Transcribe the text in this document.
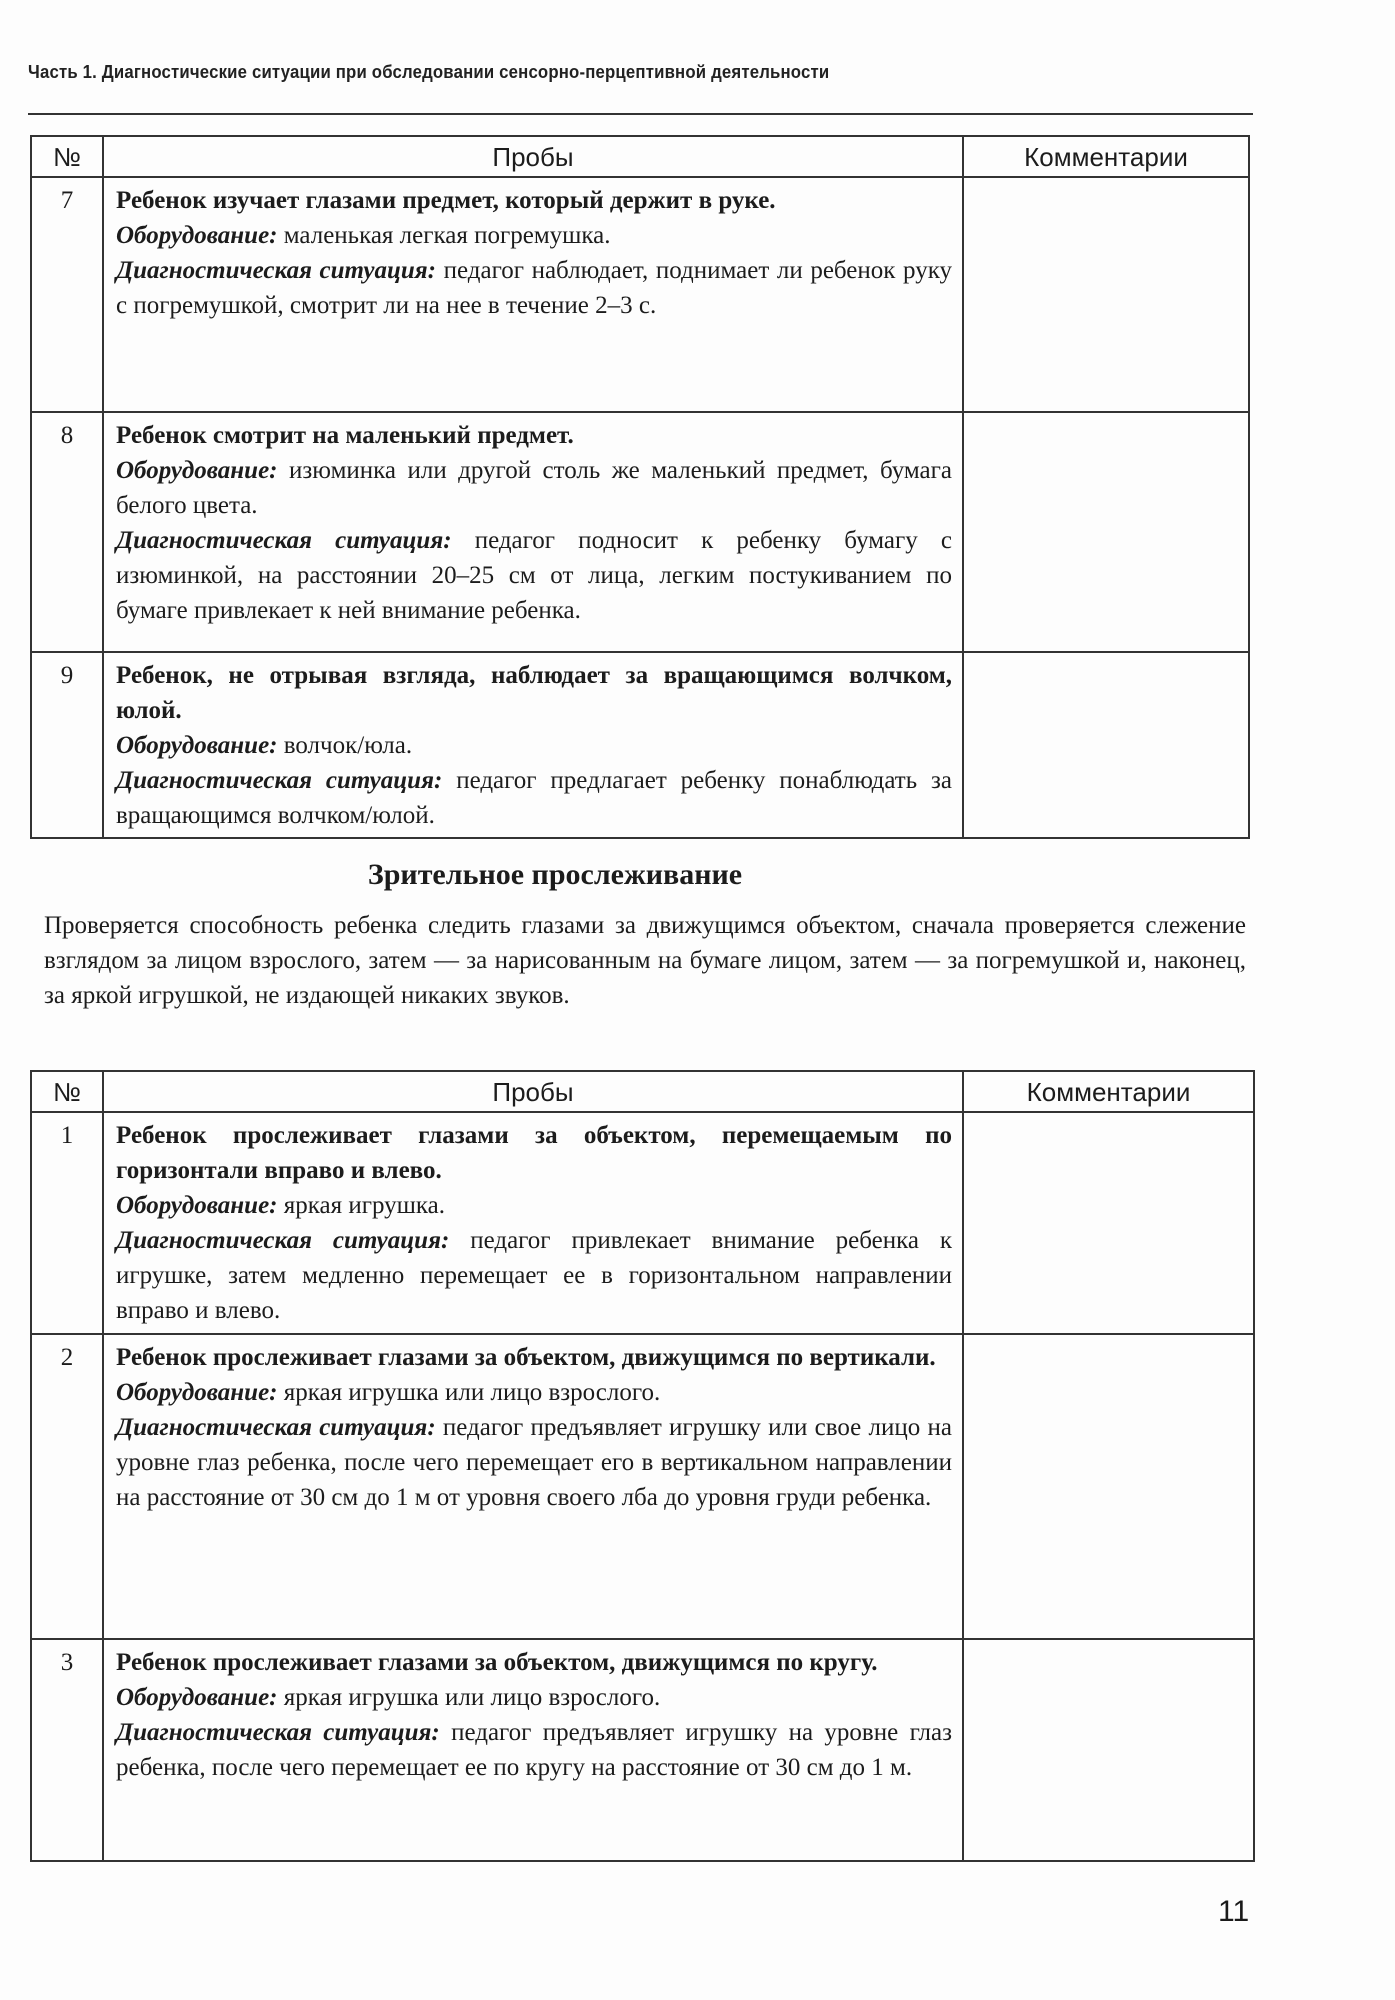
Часть 1. Диагностические ситуации при обследовании сенсорно-перцептивной деятельности
№	Пробы	Комментарии
7	Ребенок изучает глазами предмет, который держит в руке.
Оборудование: маленькая легкая погремушка.
Диагностическая ситуация: педагог наблюдает, поднимает ли ребенок руку с погремушкой, смотрит ли на нее в течение 2–3 с.	

8	Ребенок смотрит на маленький предмет.
Оборудование: изюминка или другой столь же маленький предмет, бумага белого цвета.
Диагностическая ситуация: педагог подносит к ребенку бумагу с изюминкой, на расстоянии 20–25 см от лица, легким постукиванием по бумаге привлекает к ней внимание ребенка.	

9	Ребенок, не отрывая взгляда, наблюдает за вращающимся волчком, юлой.
Оборудование: волчок/юла.
Диагностическая ситуация: педагог предлагает ребенку понаблюдать за вращающимся волчком/юлой.	

Зрительное прослеживание
Проверяется способность ребенка следить глазами за движущимся объектом, сначала проверяется слежение взглядом за лицом взрослого, затем — за нарисованным на бумаге лицом, затем — за погремушкой и, наконец, за яркой игрушкой, не издающей никаких звуков.
№	Пробы	Комментарии
1	Ребенок прослеживает глазами за объектом, перемещаемым по горизонтали вправо и влево.
Оборудование: яркая игрушка.
Диагностическая ситуация: педагог привлекает внимание ребенка к игрушке, затем медленно перемещает ее в горизонтальном направлении вправо и влево.	

2	Ребенок прослеживает глазами за объектом, движущимся по вертикали.
Оборудование: яркая игрушка или лицо взрослого.
Диагностическая ситуация: педагог предъявляет игрушку или свое лицо на уровне глаз ребенка, после чего перемещает его в вертикальном направлении на расстояние от 30 см до 1 м от уровня своего лба до уровня груди ребенка.	

3	Ребенок прослеживает глазами за объектом, движущимся по кругу.
Оборудование: яркая игрушка или лицо взрослого.
Диагностическая ситуация: педагог предъявляет игрушку на уровне глаз ребенка, после чего перемещает ее по кругу на расстояние от 30 см до 1 м.	

11
